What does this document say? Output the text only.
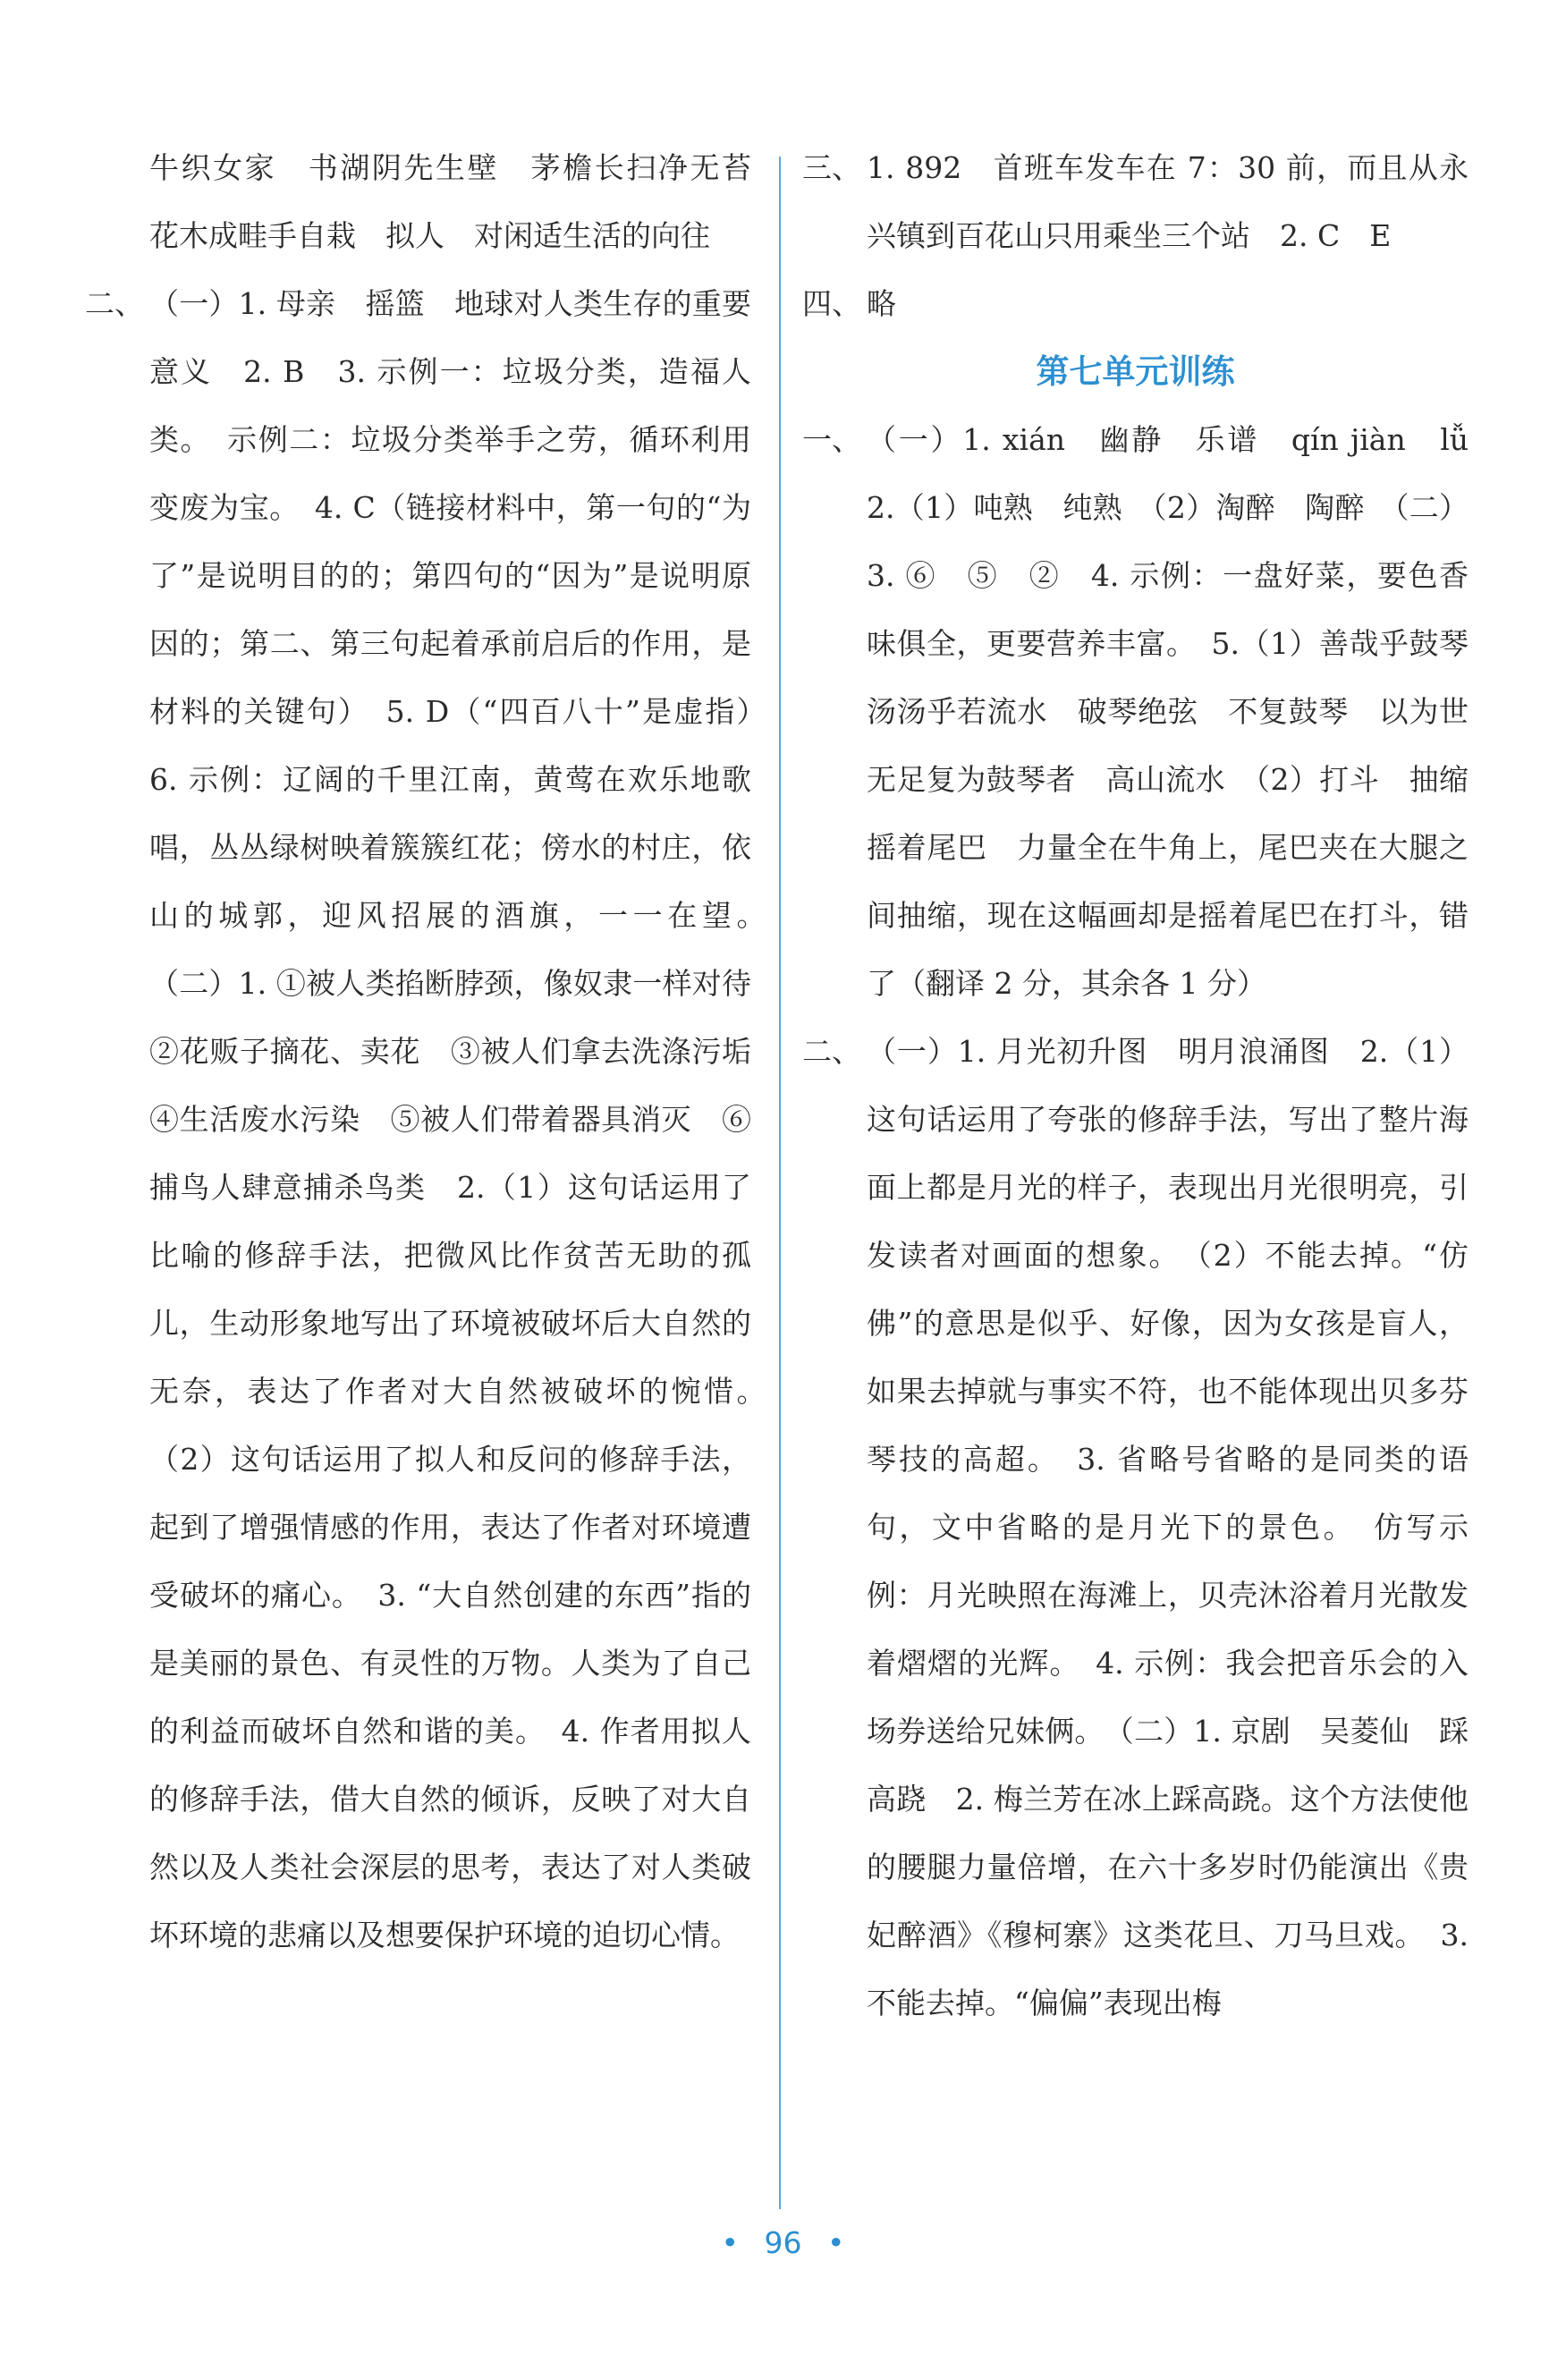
牛织女家　书湖阴先生壁　茅檐长扫净无苔　花木成畦手自栽　拟人　对闲适生活的向往
二、 （一）1. 母亲　摇篮　地球对人类生存的重要意义　2. B　3. 示例一：垃圾分类，造福人类。　示例二：垃圾分类举手之劳，循环利用变废为宝。　4. C（链接材料中，第一句的“为了”是说明目的的；第四句的“因为”是说明原因的；第二、第三句起着承前启后的作用，是材料的关键句）　5. D（“四百八十”是虚指）　6. 示例：辽阔的千里江南，黄莺在欢乐地歌唱，丛丛绿树映着簇簇红花；傍水的村庄，依山的城郭，迎风招展的酒旗，一一在望。　（二）1. ①被人类掐断脖颈，像奴隶一样对待　②花贩子摘花、卖花　③被人们拿去洗涤污垢　④生活废水污染　⑤被人们带着器具消灭　⑥捕鸟人肆意捕杀鸟类　2.（1）这句话运用了比喻的修辞手法，把微风比作贫苦无助的孤儿，生动形象地写出了环境被破坏后大自然的无奈，表达了作者对大自然被破坏的惋惜。　（2）这句话运用了拟人和反问的修辞手法，起到了增强情感的作用，表达了作者对环境遭受破坏的痛心。　3. “大自然创建的东西”指的是美丽的景色、有灵性的万物。人类为了自己的利益而破坏自然和谐的美。　4. 作者用拟人的修辞手法，借大自然的倾诉，反映了对大自然以及人类社会深层的思考，表达了对人类破坏环境的悲痛以及想要保护环境的迫切心情。
三、 1. 892　首班车发车在 7：30 前，而且从永兴镇到百花山只用乘坐三个站　2. C　E
四、 略
第七单元训练
一、 （一）1. xián　幽静　乐谱　qín jiàn　lǚ　2.（1）吨熟　纯熟　（2）淘醉　陶醉　（二）3. ⑥　⑤　②　4. 示例：一盘好菜，要色香味俱全，更要营养丰富。　5.（1）善哉乎鼓琴　汤汤乎若流水　破琴绝弦　不复鼓琴　以为世无足复为鼓琴者　高山流水　（2）打斗　抽缩　摇着尾巴　力量全在牛角上，尾巴夹在大腿之间抽缩，现在这幅画却是摇着尾巴在打斗，错了（翻译 2 分，其余各 1 分）
二、 （一）1. 月光初升图　明月浪涌图　2.（1）这句话运用了夸张的修辞手法，写出了整片海面上都是月光的样子，表现出月光很明亮，引发读者对画面的想象。　（2）不能去掉。“仿佛”的意思是似乎、好像，因为女孩是盲人，如果去掉就与事实不符，也不能体现出贝多芬琴技的高超。　3. 省略号省略的是同类的语句，文中省略的是月光下的景色。　仿写示例：月光映照在海滩上，贝壳沐浴着月光散发着熠熠的光辉。　4. 示例：我会把音乐会的入场券送给兄妹俩。　（二）1. 京剧　吴菱仙　踩高跷　2. 梅兰芳在冰上踩高跷。这个方法使他的腰腿力量倍增，在六十多岁时仍能演出《贵妃醉酒》《穆柯寨》这类花旦、刀马旦戏。　3. 不能去掉。“偏偏”表现出梅
• 96 •
